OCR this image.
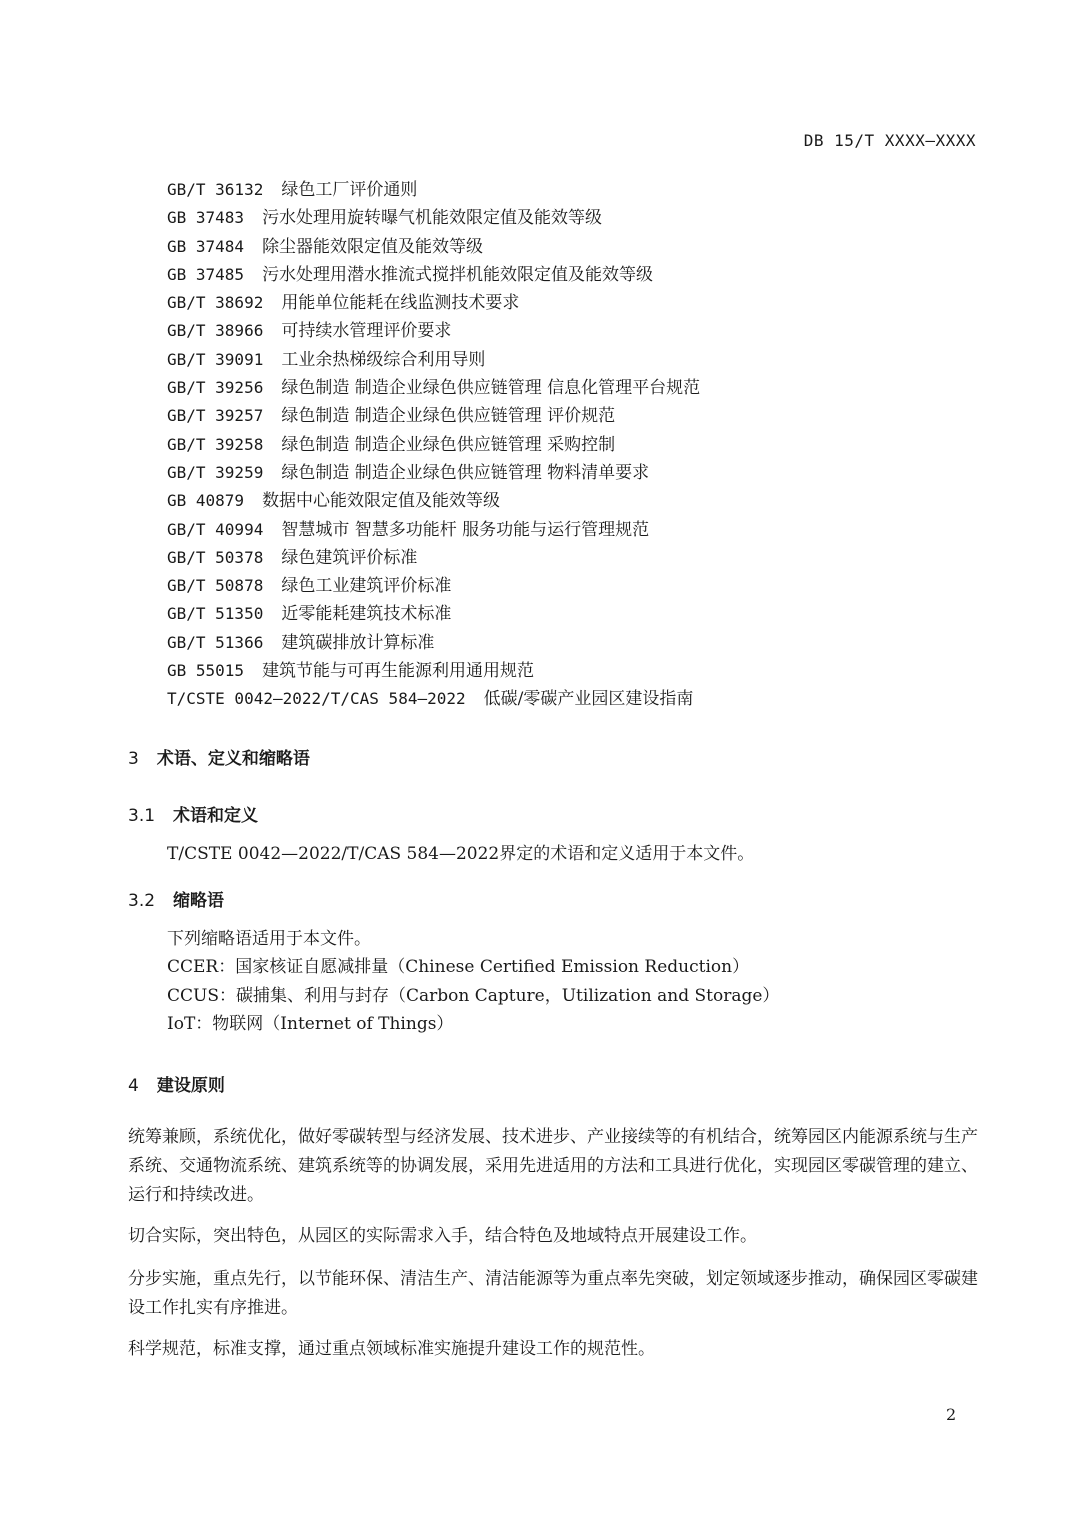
DB 15/T XXXX—XXXX
GB/T 36132 绿色工厂评价通则
GB 37483 污水处理用旋转曝气机能效限定值及能效等级
GB 37484 除尘器能效限定值及能效等级
GB 37485 污水处理用潜水推流式搅拌机能效限定值及能效等级
GB/T 38692 用能单位能耗在线监测技术要求
GB/T 38966 可持续水管理评价要求
GB/T 39091 工业余热梯级综合利用导则
GB/T 39256 绿色制造 制造企业绿色供应链管理 信息化管理平台规范
GB/T 39257 绿色制造 制造企业绿色供应链管理 评价规范
GB/T 39258 绿色制造 制造企业绿色供应链管理 采购控制
GB/T 39259 绿色制造 制造企业绿色供应链管理 物料清单要求
GB 40879 数据中心能效限定值及能效等级
GB/T 40994 智慧城市 智慧多功能杆 服务功能与运行管理规范
GB/T 50378 绿色建筑评价标准
GB/T 50878 绿色工业建筑评价标准
GB/T 51350 近零能耗建筑技术标准
GB/T 51366 建筑碳排放计算标准
GB 55015 建筑节能与可再生能源利用通用规范
T/CSTE 0042—2022/T/CAS 584—2022 低碳/零碳产业园区建设指南
3 术语、定义和缩略语
3.1 术语和定义
T/CSTE 0042—2022/T/CAS 584—2022界定的术语和定义适用于本文件。
3.2 缩略语
下列缩略语适用于本文件。
CCER：国家核证自愿减排量（Chinese Certified Emission Reduction）
CCUS：碳捕集、利用与封存（Carbon Capture，Utilization and Storage）
IoT：物联网（Internet of Things）
4 建设原则
统筹兼顾，系统优化，做好零碳转型与经济发展、技术进步、产业接续等的有机结合，统筹园区内能源系统与生产系统、交通物流系统、建筑系统等的协调发展，采用先进适用的方法和工具进行优化，实现园区零碳管理的建立、运行和持续改进。
切合实际，突出特色，从园区的实际需求入手，结合特色及地域特点开展建设工作。
分步实施，重点先行，以节能环保、清洁生产、清洁能源等为重点率先突破，划定领域逐步推动，确保园区零碳建设工作扎实有序推进。
科学规范，标准支撑，通过重点领域标准实施提升建设工作的规范性。
2
